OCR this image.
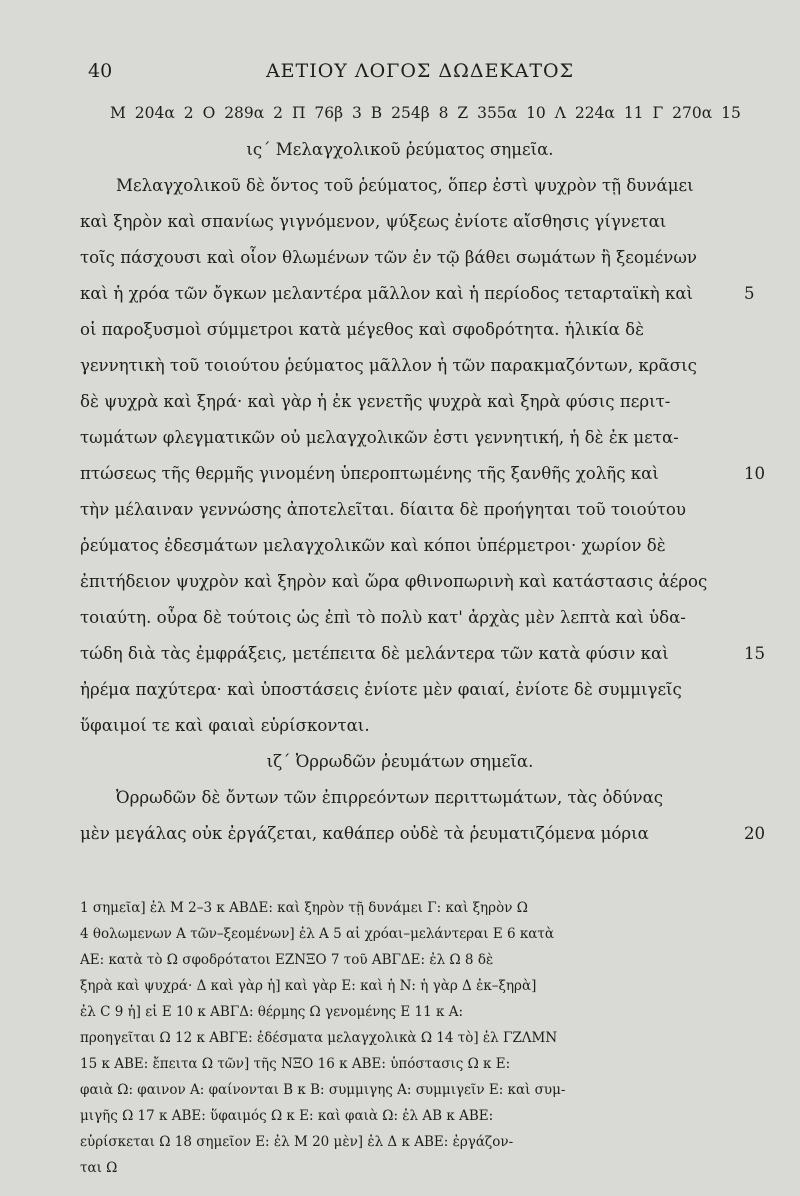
40	ΑΕΤΙΟΥ ΛΟΓΟΣ ΔΩΔΕΚΑΤΟΣ
Μ 204α 2 Ο 289α 2 Π 76β 3 Β 254β 8 Ζ 355α 10 Λ 224α 11 Γ 270α 15
ις΄ Μελαγχολικοῦ ῥεύματος σημεῖα.
Μελαγχολικοῦ δὲ ὄντος τοῦ ῥεύματος, ὅπερ ἐστὶ ψυχρὸν τῇ δυνάμει
καὶ ξηρὸν καὶ σπανίως γιγνόμενον, ψύξεως ἐνίοτε αἴσθησις γίγνεται
τοῖς πάσχουσι καὶ οἷον θλωμένων τῶν ἐν τῷ βάθει σωμάτων ἢ ξεομένων
καὶ ἡ χρόα τῶν ὄγκων μελαντέρα μᾶλλον καὶ ἡ περίοδος τεταρταϊκὴ καὶ
οἱ παροξυσμοὶ σύμμετροι κατὰ μέγεθος καὶ σφοδρότητα. ἡλικία δὲ
γεννητικὴ τοῦ τοιούτου ῥεύματος μᾶλλον ἡ τῶν παρακμαζόντων, κρᾶσις
δὲ ψυχρὰ καὶ ξηρά· καὶ γὰρ ἡ ἐκ γενετῆς ψυχρὰ καὶ ξηρὰ φύσις περιτ-
τωμάτων φλεγματικῶν οὐ μελαγχολικῶν ἐστι γεννητική, ἡ δὲ ἐκ μετα-
πτώσεως τῆς θερμῆς γινομένη ὑπεροπτωμένης τῆς ξανθῆς χολῆς καὶ
τὴν μέλαιναν γεννώσης ἀποτελεῖται. δίαιτα δὲ προήγηται τοῦ τοιούτου
ῥεύματος ἐδεσμάτων μελαγχολικῶν καὶ κόποι ὑπέρμετροι· χωρίον δὲ
ἐπιτήδειον ψυχρὸν καὶ ξηρὸν καὶ ὥρα φθινοπωρινὴ καὶ κατάστασις ἀέρος
τοιαύτη. οὖρα δὲ τούτοις ὡς ἐπὶ τὸ πολὺ κατ' ἀρχὰς μὲν λεπτὰ καὶ ὑδα-
τώδη διὰ τὰς ἐμφράξεις, μετέπειτα δὲ μελάντερα τῶν κατὰ φύσιν καὶ
ἠρέμα παχύτερα· καὶ ὑποστάσεις ἐνίοτε μὲν φαιαί, ἐνίοτε δὲ συμμιγεῖς
ὕφαιμοί τε καὶ φαιαὶ εὑρίσκονται.
ιζ΄ Ὀρρωδῶν ῥευμάτων σημεῖα.
Ὀρρωδῶν δὲ ὄντων τῶν ἐπιρρεόντων περιττωμάτων, τὰς ὀδύνας
μὲν μεγάλας οὐκ ἐργάζεται, καθάπερ οὐδὲ τὰ ῥευματιζόμενα μόρια
5
10
15
20
1 σημεῖα] ἐλ Μ 2–3 κ ΑΒΔΕ: καὶ ξηρὸν τῇ δυνάμει Γ: καὶ ξηρὸν Ω
4 θολωμενων Α τῶν–ξεομένων] ἐλ Α 5 αἱ χρόαι–μελάντεραι Ε 6 κατὰ
ΑΕ: κατὰ τὸ Ω σφοδρότατοι ΕΖΝΞΟ 7 τοῦ ΑΒΓΔΕ: ἐλ Ω 8 δὲ
ξηρὰ καὶ ψυχρά· Δ καὶ γὰρ ἡ] καὶ γὰρ Ε: καὶ ἡ Ν: ἡ γὰρ Δ ἐκ–ξηρὰ]
ἐλ C 9 ἡ] εἰ Ε 10 κ ΑΒΓΔ: θέρμης Ω γενομένης Ε 11 κ Α:
προηγεῖται Ω 12 κ ΑΒΓΕ: ἐδέσματα μελαγχολικὰ Ω 14 τὸ] ἐλ ΓΖΛΜΝ
15 κ ΑΒΕ: ἔπειτα Ω τῶν] τῆς ΝΞΟ 16 κ ΑΒΕ: ὑπόστασις Ω κ Ε:
φαιὰ Ω: φαινον Α: φαίνονται Β κ Β: συμμιγης Α: συμμιγεῖν Ε: καὶ συμ-
μιγῆς Ω 17 κ ΑΒΕ: ὕφαιμός Ω κ Ε: καὶ φαιὰ Ω: ἐλ ΑΒ κ ΑΒΕ:
εὑρίσκεται Ω 18 σημεῖον Ε: ἐλ Μ 20 μὲν] ἐλ Δ κ ΑΒΕ: ἐργάζον-
ται Ω
